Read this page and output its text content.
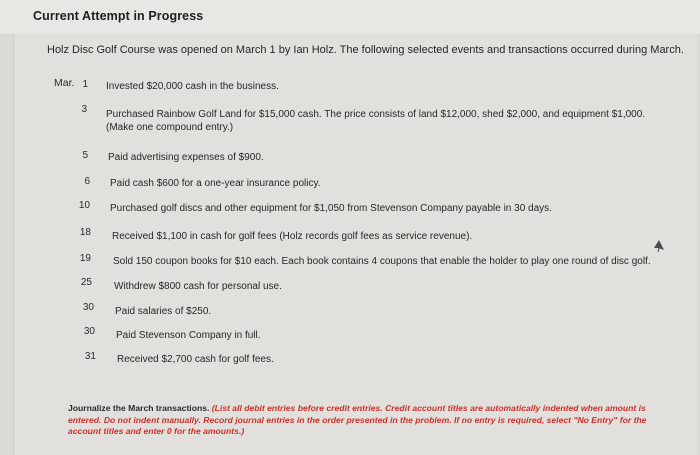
Current Attempt in Progress
Holz Disc Golf Course was opened on March 1 by Ian Holz. The following selected events and transactions occurred during March.
Mar. 1 Invested $20,000 cash in the business.
3 Purchased Rainbow Golf Land for $15,000 cash. The price consists of land $12,000, shed $2,000, and equipment $1,000.
(Make one compound entry.)
5 Paid advertising expenses of $900.
6 Paid cash $600 for a one-year insurance policy.
10 Purchased golf discs and other equipment for $1,050 from Stevenson Company payable in 30 days.
18 Received $1,100 in cash for golf fees (Holz records golf fees as service revenue).
19 Sold 150 coupon books for $10 each. Each book contains 4 coupons that enable the holder to play one round of disc golf.
25 Withdrew $800 cash for personal use.
30 Paid salaries of $250.
30 Paid Stevenson Company in full.
31 Received $2,700 cash for golf fees.
Journalize the March transactions. (List all debit entries before credit entries. Credit account titles are automatically indented when amount is entered. Do not indent manually. Record journal entries in the order presented in the problem. If no entry is required, select "No Entry" for the account titles and enter 0 for the amounts.)
